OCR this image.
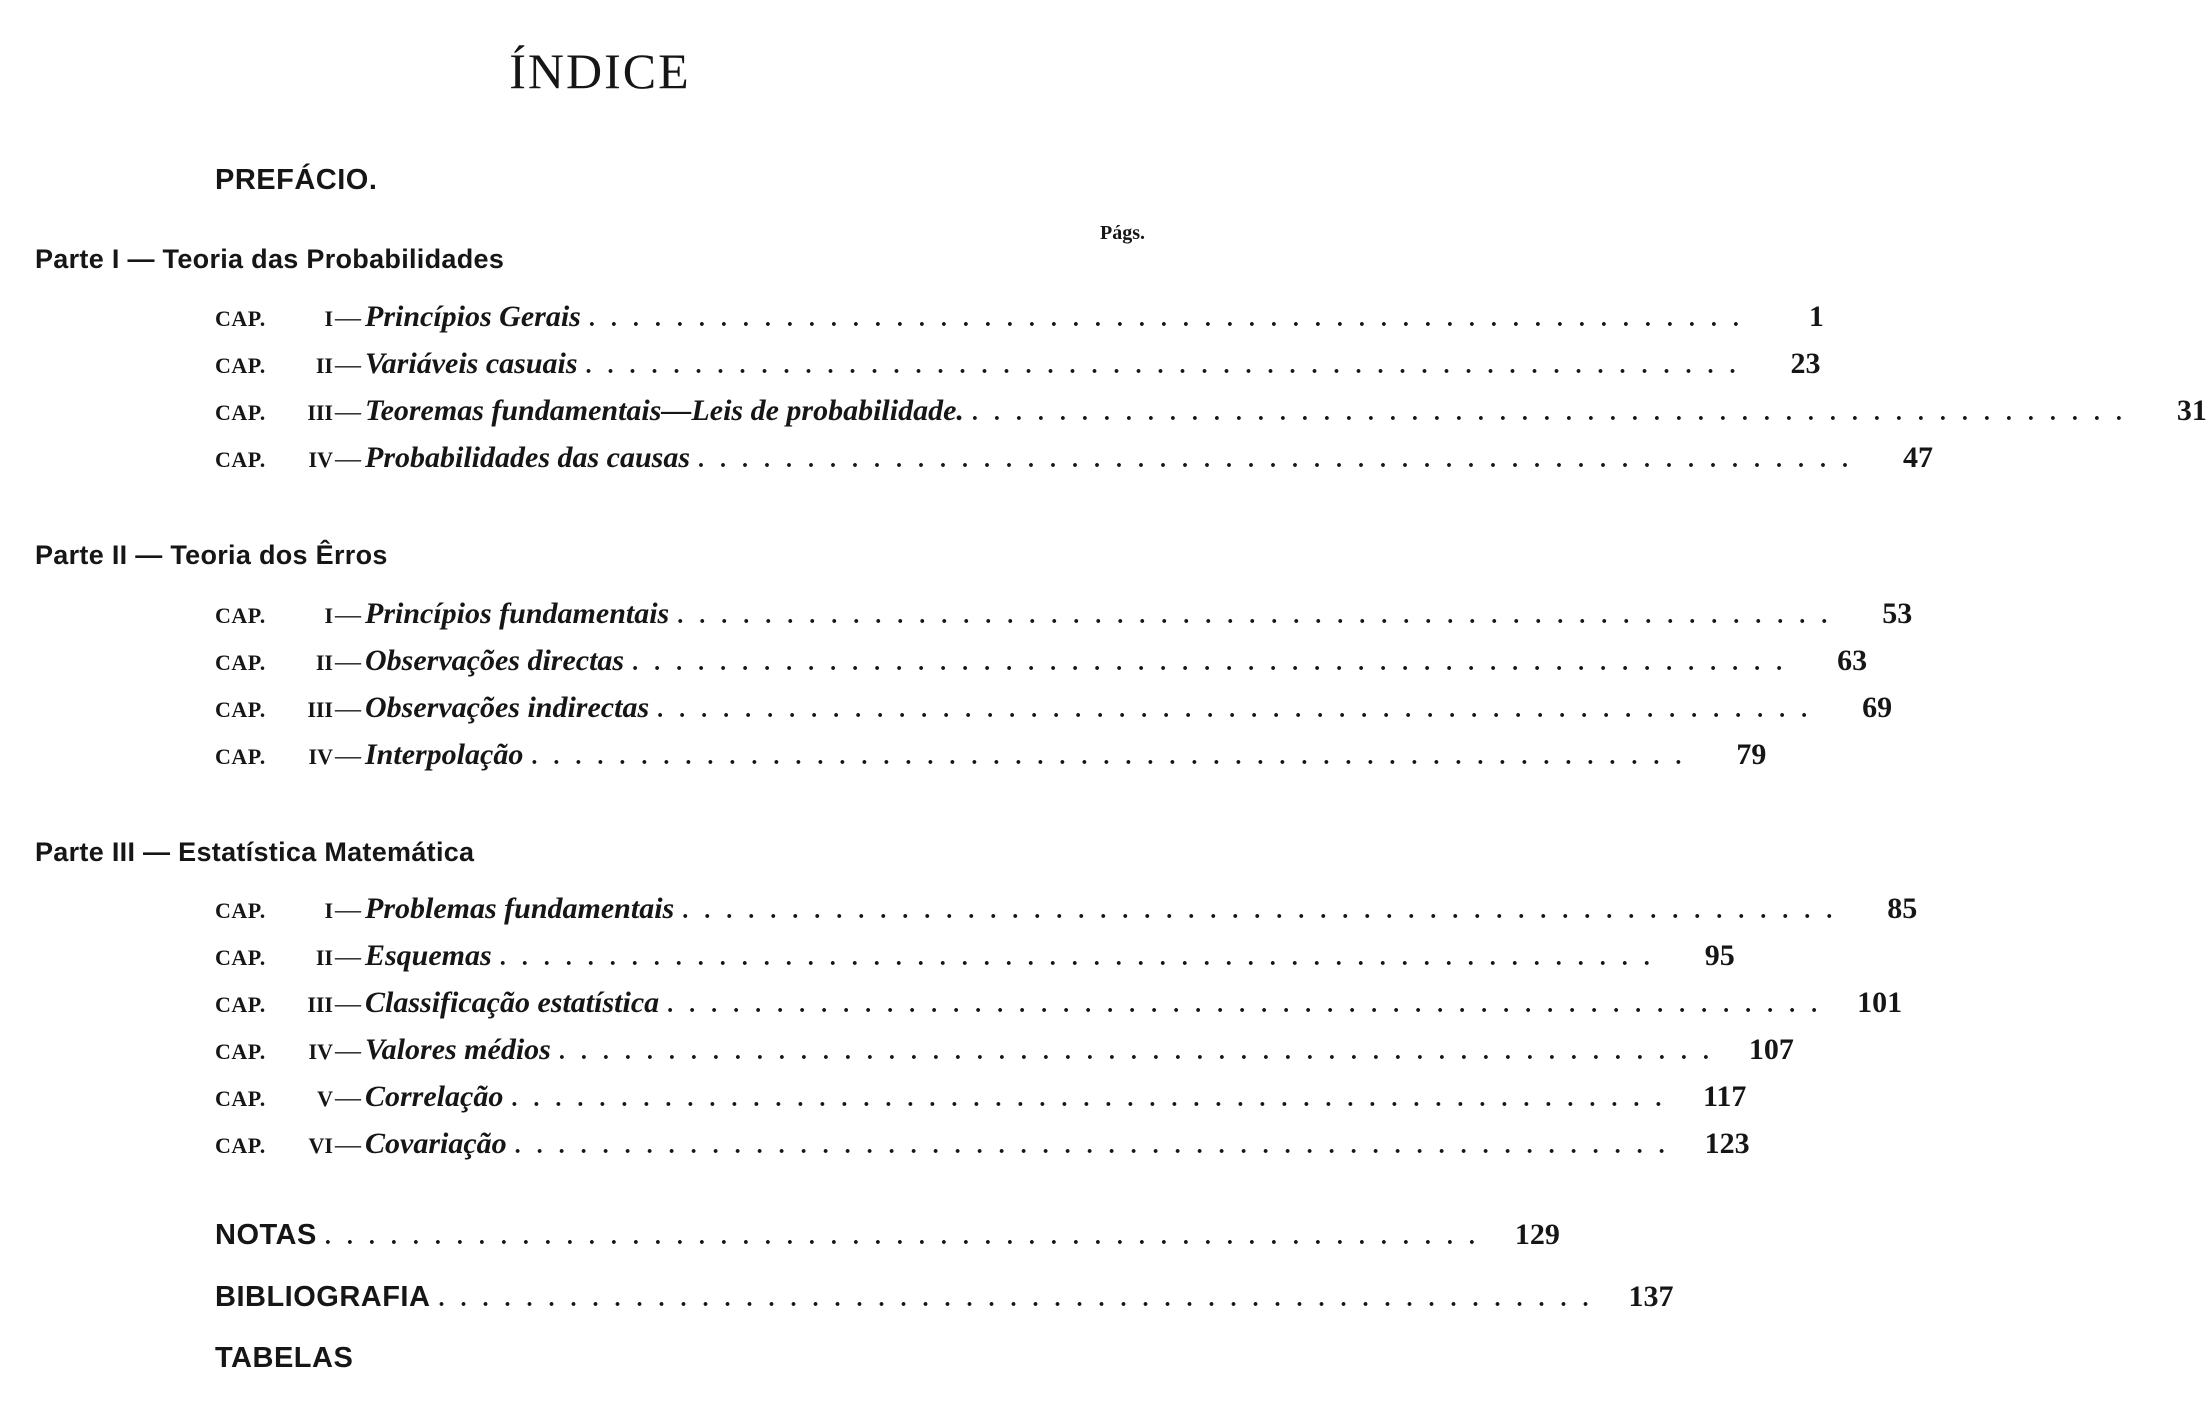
ÍNDICE
PREFÁCIO.
Págs.
Parte I — Teoria das Probabilidades
CAP.	I — Princípios Gerais . . . . . . . . . . . . . . . . . . . . . . . . . . . . . . . . . . . . . . . . . . . . . . . . . . . . .	1
CAP.	II — Variáveis casuais . . . . . . . . . . . . . . . . . . . . . . . . . . . . . . . . . . . . . . . . . . . . . . . . . . . . .	23
CAP.	III — Teoremas fundamentais—Leis de probabilidade. . . . . . . . . . . . . . . . . . . . . . . . . . . . . . . . . . . . . . . . . . . . . . . . . . . . . .	31
CAP.	IV — Probabilidades das causas . . . . . . . . . . . . . . . . . . . . . . . . . . . . . . . . . . . . . . . . . . . . . . . . . . . . .	47
Parte II — Teoria dos Êrros
CAP.	I — Princípios fundamentais . . . . . . . . . . . . . . . . . . . . . . . . . . . . . . . . . . . . . . . . . . . . . . . . . . . . .	53
CAP.	II — Observações directas . . . . . . . . . . . . . . . . . . . . . . . . . . . . . . . . . . . . . . . . . . . . . . . . . . . . .	63
CAP.	III — Observações indirectas . . . . . . . . . . . . . . . . . . . . . . . . . . . . . . . . . . . . . . . . . . . . . . . . . . . . .	69
CAP.	IV — Interpolação . . . . . . . . . . . . . . . . . . . . . . . . . . . . . . . . . . . . . . . . . . . . . . . . . . . . .	79
Parte III — Estatística Matemática
CAP.	I — Problemas fundamentais . . . . . . . . . . . . . . . . . . . . . . . . . . . . . . . . . . . . . . . . . . . . . . . . . . . . .	85
CAP.	II — Esquemas . . . . . . . . . . . . . . . . . . . . . . . . . . . . . . . . . . . . . . . . . . . . . . . . . . . . .	95
CAP.	III — Classificação estatística . . . . . . . . . . . . . . . . . . . . . . . . . . . . . . . . . . . . . . . . . . . . . . . . . . . . .	101
CAP.	IV — Valores médios . . . . . . . . . . . . . . . . . . . . . . . . . . . . . . . . . . . . . . . . . . . . . . . . . . . . .	107
CAP.	V — Correlação . . . . . . . . . . . . . . . . . . . . . . . . . . . . . . . . . . . . . . . . . . . . . . . . . . . . .	117
CAP.	VI — Covariação . . . . . . . . . . . . . . . . . . . . . . . . . . . . . . . . . . . . . . . . . . . . . . . . . . . . .	123
NOTAS . . . . . . . . . . . . . . . . . . . . . . . . . . . . . . . . . . . . . . . . . . . . . . . . . . . . .	129
BIBLIOGRAFIA . . . . . . . . . . . . . . . . . . . . . . . . . . . . . . . . . . . . . . . . . . . . . . . . . . . . .	137
TABELAS
